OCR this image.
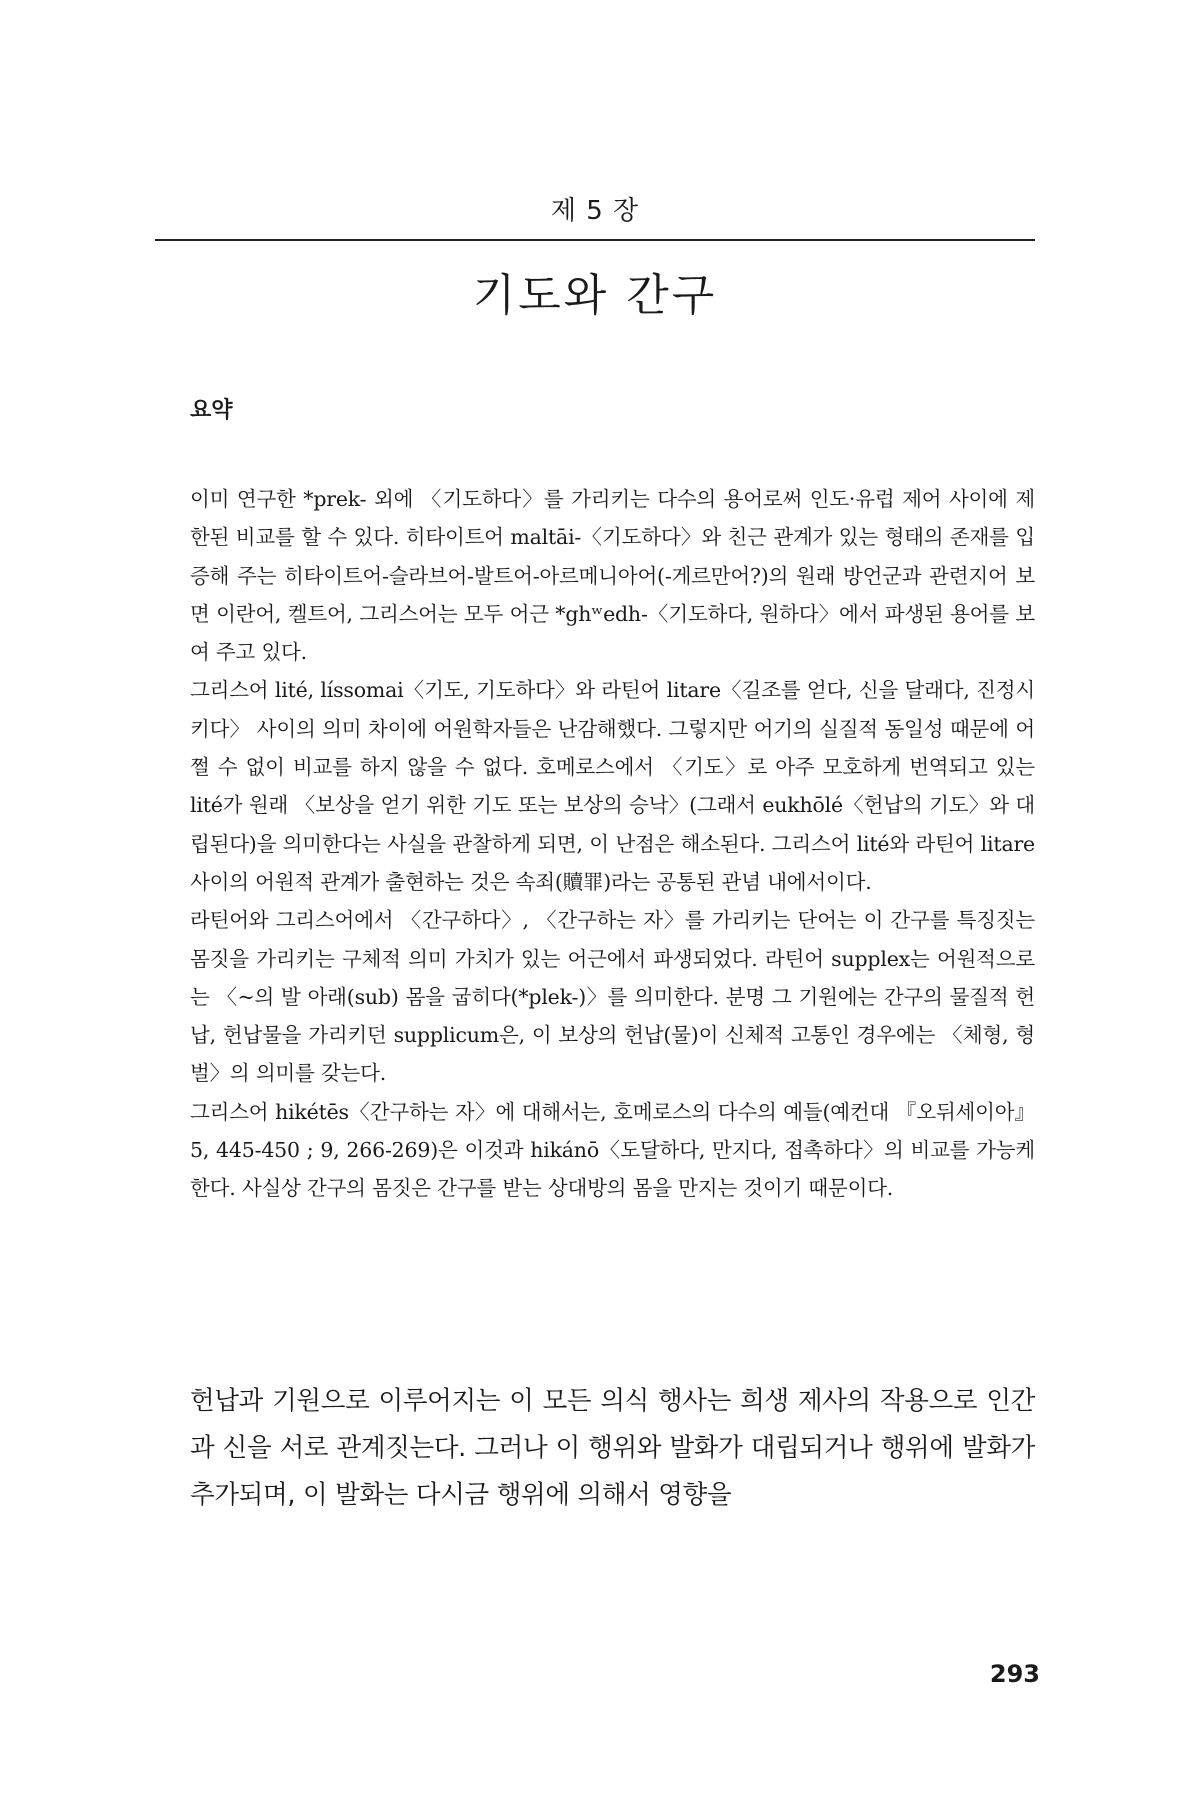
제 5 장
기도와 간구
요약

이미 연구한 *prek- 외에 〈기도하다〉를 가리키는 다수의 용어로써 인도·유럽 제어 사이에 제한된 비교를 할 수 있다. 히타이트어 maltāi-〈기도하다〉와 친근 관계가 있는 형태의 존재를 입증해 주는 히타이트어-슬라브어-발트어-아르메니아어(-게르만어?)의 원래 방언군과 관련지어 보면 이란어, 켈트어, 그리스어는 모두 어근 *ghʷedh-〈기도하다, 원하다〉에서 파생된 용어를 보여 주고 있다.

그리스어 lité, líssomai〈기도, 기도하다〉와 라틴어 litare〈길조를 얻다, 신을 달래다, 진정시키다〉 사이의 의미 차이에 어원학자들은 난감해했다. 그렇지만 어기의 실질적 동일성 때문에 어쩔 수 없이 비교를 하지 않을 수 없다. 호메로스에서 〈기도〉로 아주 모호하게 번역되고 있는 lité가 원래 〈보상을 얻기 위한 기도 또는 보상의 승낙〉(그래서 eukhōlé〈헌납의 기도〉와 대립된다)을 의미한다는 사실을 관찰하게 되면, 이 난점은 해소된다. 그리스어 lité와 라틴어 litare 사이의 어원적 관계가 출현하는 것은 속죄(贖罪)라는 공통된 관념 내에서이다.

라틴어와 그리스어에서 〈간구하다〉, 〈간구하는 자〉를 가리키는 단어는 이 간구를 특징짓는 몸짓을 가리키는 구체적 의미 가치가 있는 어근에서 파생되었다. 라틴어 supplex는 어원적으로는 〈~의 발 아래(sub) 몸을 굽히다(*plek-)〉를 의미한다. 분명 그 기원에는 간구의 물질적 헌납, 헌납물을 가리키던 supplicum은, 이 보상의 헌납(물)이 신체적 고통인 경우에는 〈체형, 형벌〉의 의미를 갖는다.

그리스어 hikétēs〈간구하는 자〉에 대해서는, 호메로스의 다수의 예들(예컨대 『오뒤세이아』 5, 445-450 ; 9, 266-269)은 이것과 hikánō〈도달하다, 만지다, 접촉하다〉의 비교를 가능케 한다. 사실상 간구의 몸짓은 간구를 받는 상대방의 몸을 만지는 것이기 때문이다.

헌납과 기원으로 이루어지는 이 모든 의식 행사는 희생 제사의 작용으로 인간과 신을 서로 관계짓는다. 그러나 이 행위와 발화가 대립되거나 행위에 발화가 추가되며, 이 발화는 다시금 행위에 의해서 영향을

293
